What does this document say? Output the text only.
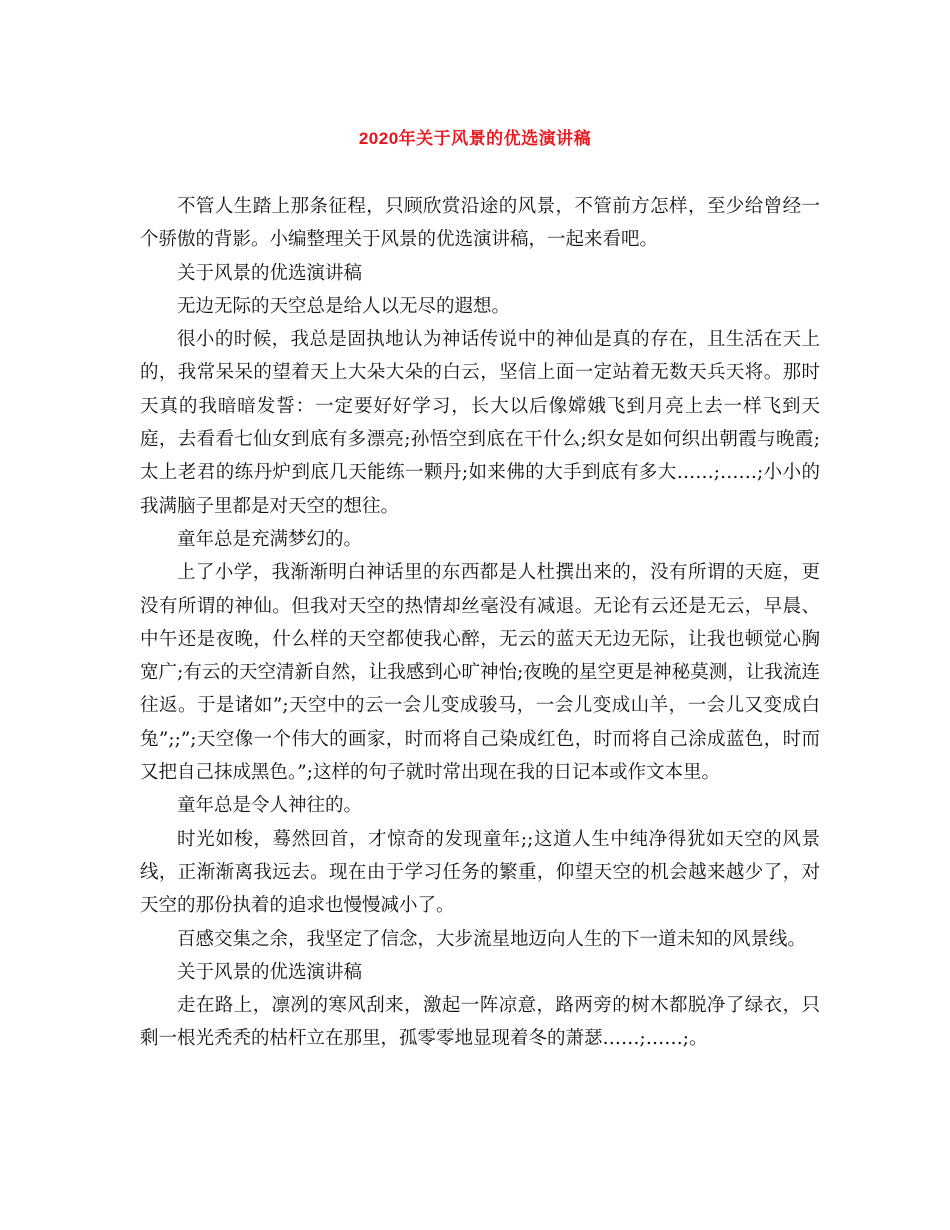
2020年关于风景的优选演讲稿

不管人生踏上那条征程，只顾欣赏沿途的风景，不管前方怎样，至少给曾经一个骄傲的背影。小编整理关于风景的优选演讲稿，一起来看吧。

关于风景的优选演讲稿

无边无际的天空总是给人以无尽的遐想。

很小的时候，我总是固执地认为神话传说中的神仙是真的存在，且生活在天上的，我常呆呆的望着天上大朵大朵的白云，坚信上面一定站着无数天兵天将。那时天真的我暗暗发誓：一定要好好学习，长大以后像嫦娥飞到月亮上去一样飞到天庭，去看看七仙女到底有多漂亮;孙悟空到底在干什么;织女是如何织出朝霞与晚霞;太上老君的练丹炉到底几天能练一颗丹;如来佛的大手到底有多大……;……;小小的我满脑子里都是对天空的想往。

童年总是充满梦幻的。

上了小学，我渐渐明白神话里的东西都是人杜撰出来的，没有所谓的天庭，更没有所谓的神仙。但我对天空的热情却丝毫没有减退。无论有云还是无云，早晨、中午还是夜晚，什么样的天空都使我心醉，无云的蓝天无边无际，让我也顿觉心胸宽广;有云的天空清新自然，让我感到心旷神怡;夜晚的星空更是神秘莫测，让我流连往返。于是诸如”;天空中的云一会儿变成骏马，一会儿变成山羊，一会儿又变成白兔”;;”;天空像一个伟大的画家，时而将自己染成红色，时而将自己涂成蓝色，时而又把自己抹成黑色。”;这样的句子就时常出现在我的日记本或作文本里。

童年总是令人神往的。

时光如梭，蓦然回首，才惊奇的发现童年;;这道人生中纯净得犹如天空的风景线，正渐渐离我远去。现在由于学习任务的繁重，仰望天空的机会越来越少了，对天空的那份执着的追求也慢慢减小了。

百感交集之余，我坚定了信念，大步流星地迈向人生的下一道未知的风景线。

关于风景的优选演讲稿

走在路上，凛冽的寒风刮来，激起一阵凉意，路两旁的树木都脱净了绿衣，只剩一根光秃秃的枯杆立在那里，孤零零地显现着冬的萧瑟……;……;。
